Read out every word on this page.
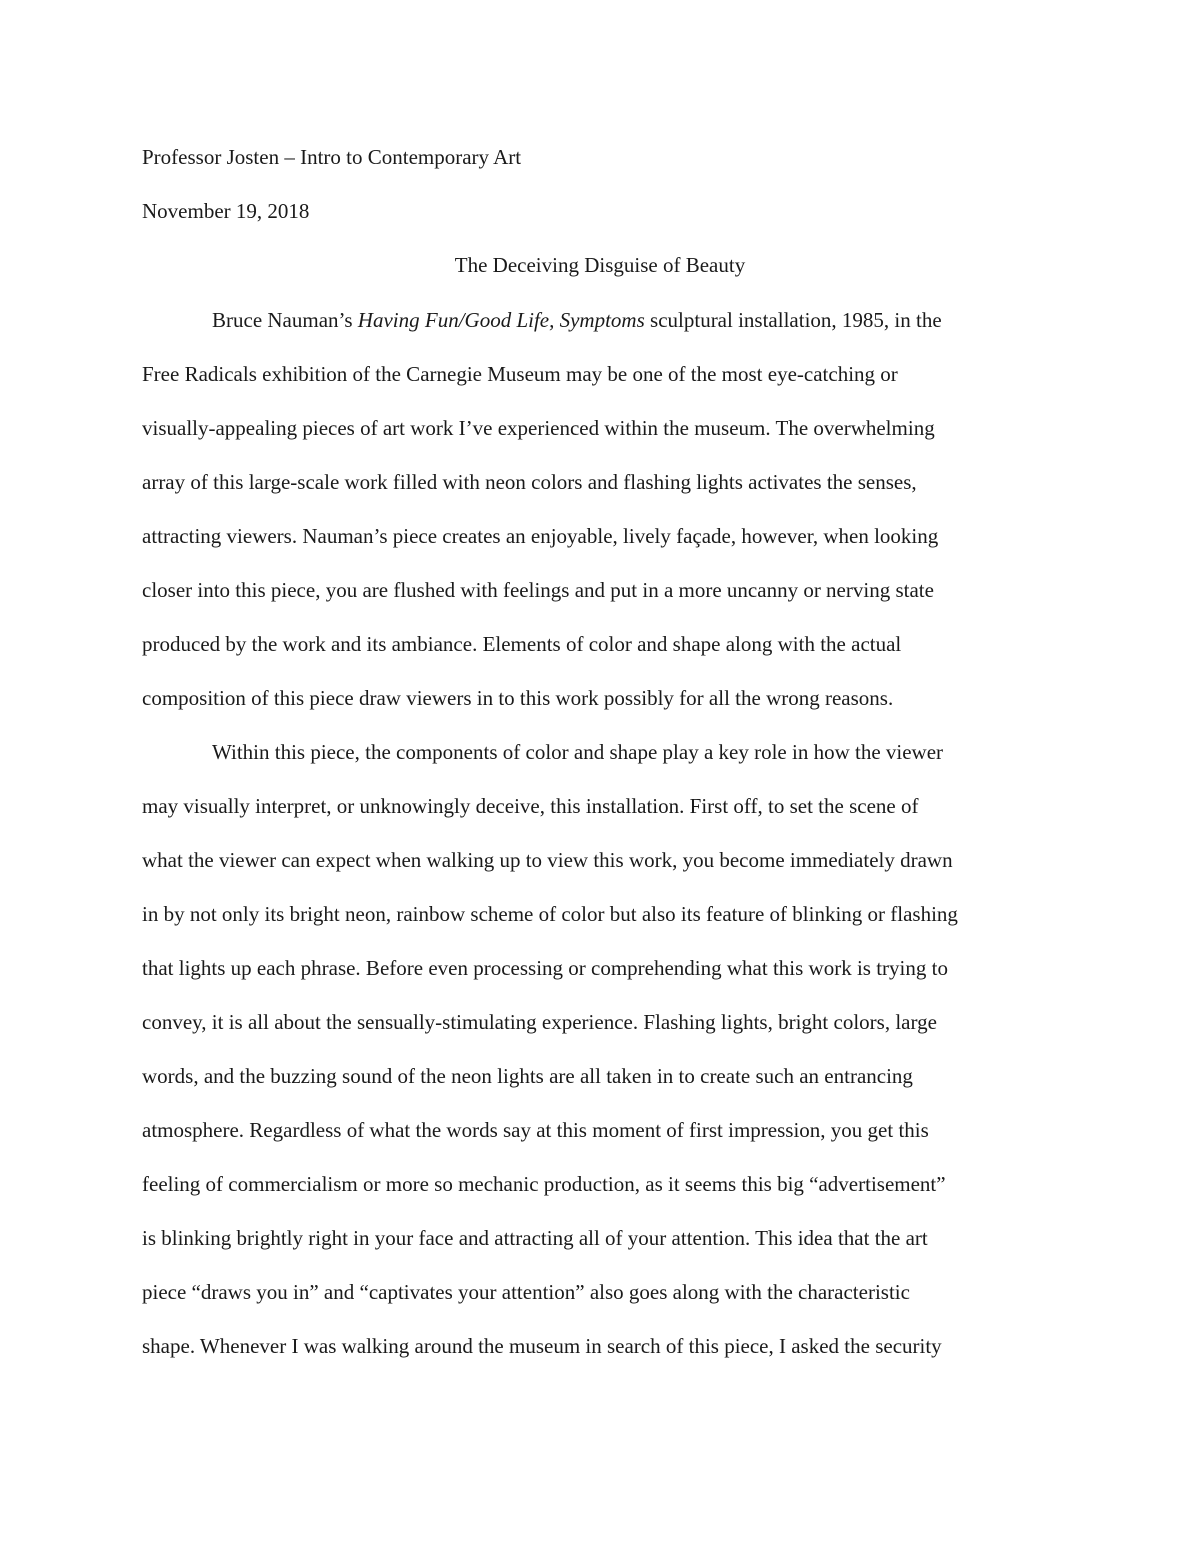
Professor Josten – Intro to Contemporary Art
November 19, 2018
The Deceiving Disguise of Beauty
Bruce Nauman’s Having Fun/Good Life, Symptoms sculptural installation, 1985, in the
Free Radicals exhibition of the Carnegie Museum may be one of the most eye-catching or
visually-appealing pieces of art work I’ve experienced within the museum. The overwhelming
array of this large-scale work filled with neon colors and flashing lights activates the senses,
attracting viewers. Nauman’s piece creates an enjoyable, lively façade, however, when looking
closer into this piece, you are flushed with feelings and put in a more uncanny or nerving state
produced by the work and its ambiance. Elements of color and shape along with the actual
composition of this piece draw viewers in to this work possibly for all the wrong reasons.
Within this piece, the components of color and shape play a key role in how the viewer
may visually interpret, or unknowingly deceive, this installation. First off, to set the scene of
what the viewer can expect when walking up to view this work, you become immediately drawn
in by not only its bright neon, rainbow scheme of color but also its feature of blinking or flashing
that lights up each phrase. Before even processing or comprehending what this work is trying to
convey, it is all about the sensually-stimulating experience. Flashing lights, bright colors, large
words, and the buzzing sound of the neon lights are all taken in to create such an entrancing
atmosphere. Regardless of what the words say at this moment of first impression, you get this
feeling of commercialism or more so mechanic production, as it seems this big “advertisement”
is blinking brightly right in your face and attracting all of your attention. This idea that the art
piece “draws you in” and “captivates your attention” also goes along with the characteristic
shape. Whenever I was walking around the museum in search of this piece, I asked the security
